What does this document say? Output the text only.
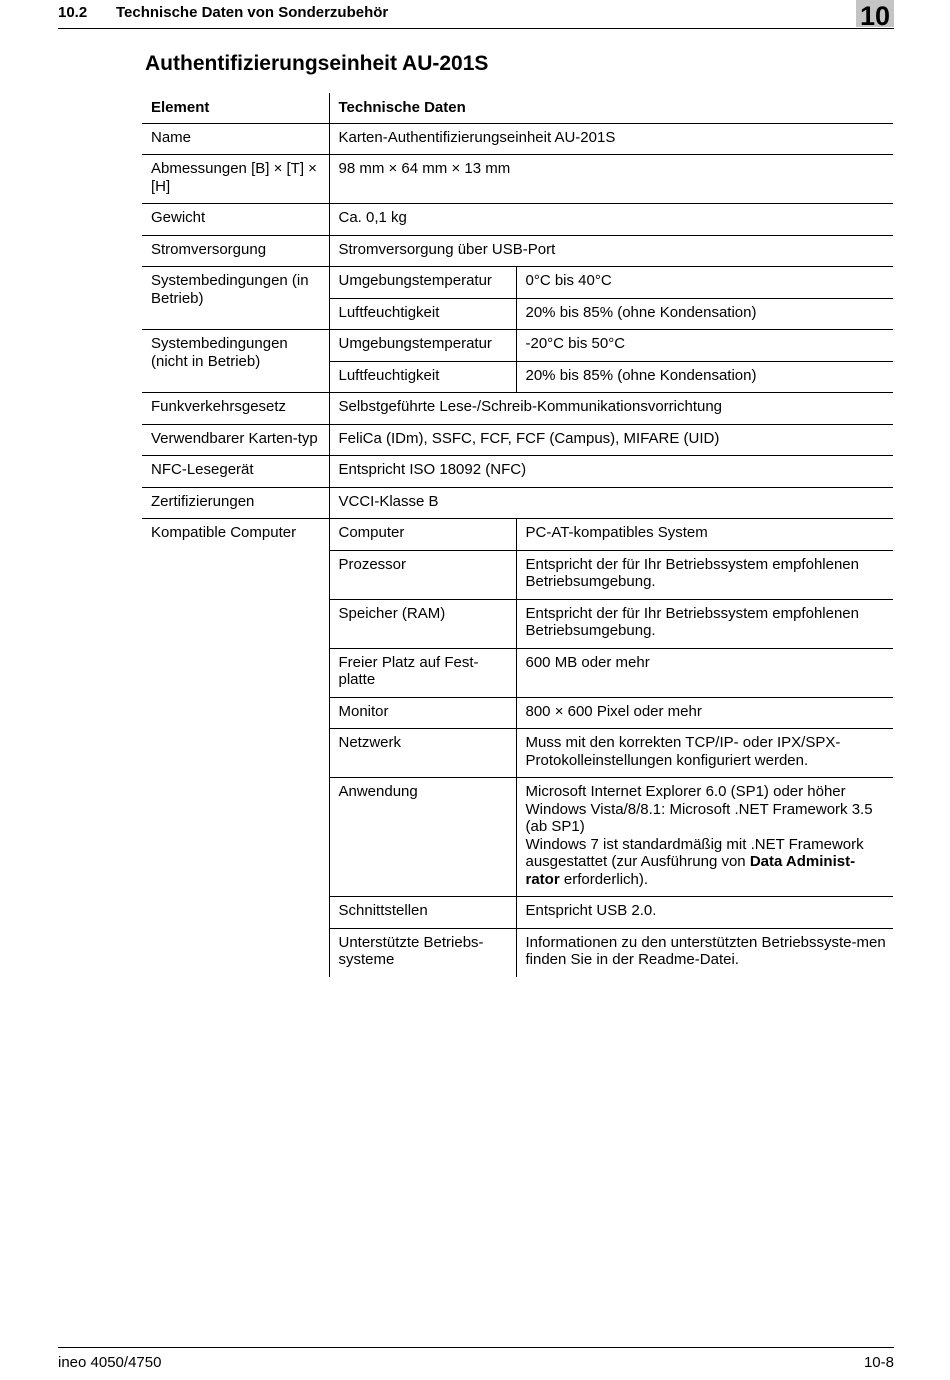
10.2 Technische Daten von Sonderzubehör	10
Authentifizierungseinheit AU-201S
Element	Technische Daten	
Name	Karten-Authentifizierungseinheit AU-201S	
Abmessungen [B] × [T] × [H]	98 mm × 64 mm × 13 mm	
Gewicht	Ca. 0,1 kg	
Stromversorgung	Stromversorgung über USB-Port	
Systembedingungen (in Betrieb)	Umgebungstemperatur	0°C bis 40°C
	Luftfeuchtigkeit	20% bis 85% (ohne Kondensation)
Systembedingungen (nicht in Betrieb)	Umgebungstemperatur	-20°C bis 50°C
	Luftfeuchtigkeit	20% bis 85% (ohne Kondensation)
Funkverkehrsgesetz	Selbstgeführte Lese-/Schreib-Kommunikationsvorrichtung	
Verwendbarer Karten-typ	FeliCa (IDm), SSFC, FCF, FCF (Campus), MIFARE (UID)	
NFC-Lesegerät	Entspricht ISO 18092 (NFC)	
Zertifizierungen	VCCI-Klasse B	
Kompatible Computer	Computer	PC-AT-kompatibles System
	Prozessor	Entspricht der für Ihr Betriebssystem empfohlenen Betriebsumgebung.
	Speicher (RAM)	Entspricht der für Ihr Betriebssystem empfohlenen Betriebsumgebung.
	Freier Platz auf Fest-platte	600 MB oder mehr
	Monitor	800 × 600 Pixel oder mehr
	Netzwerk	Muss mit den korrekten TCP/IP- oder IPX/SPX-Protokolleinstellungen konfiguriert werden.
	Anwendung	Microsoft Internet Explorer 6.0 (SP1) oder höher Windows Vista/8/8.1: Microsoft .NET Framework 3.5 (ab SP1)
Windows 7 ist standardmäßig mit .NET Framework ausgestattet (zur Ausführung von Data Administ-rator erforderlich).
	Schnittstellen	Entspricht USB 2.0.
	Unterstützte Betriebs-systeme	Informationen zu den unterstützten Betriebssyste-men finden Sie in der Readme-Datei.
ineo 4050/4750	10-8
